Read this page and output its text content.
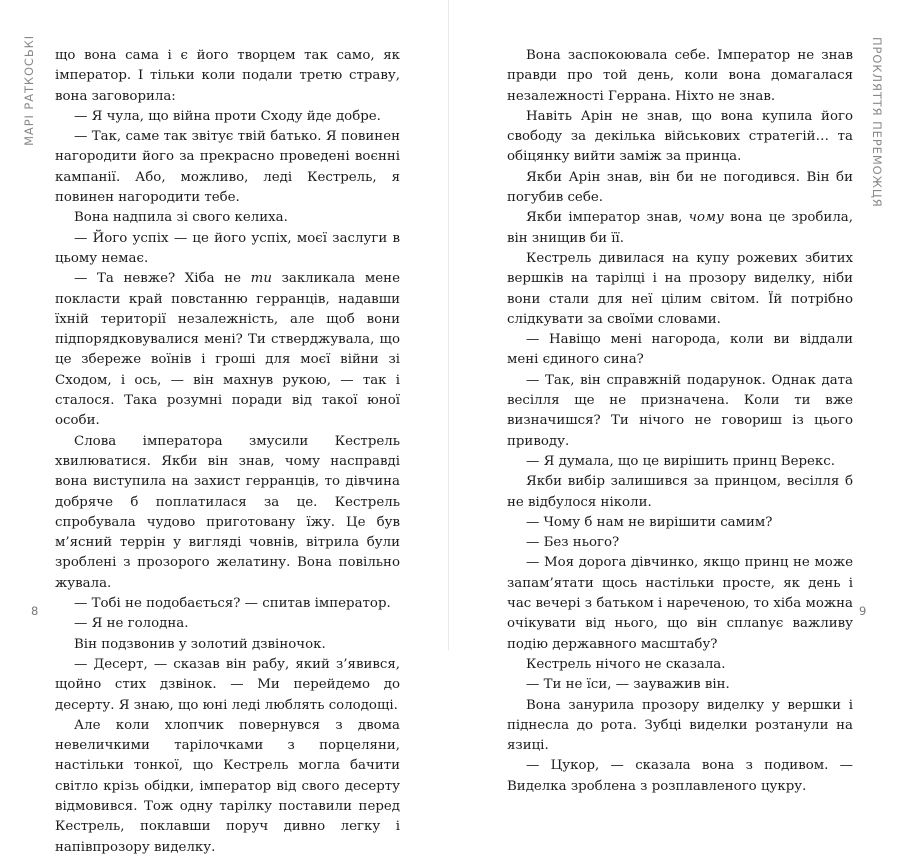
МАРІ РАТКОСЬКІ що вона сама і є його творцем так само, як імператор. І тільки коли подали третю страву, вона заговорила:

— Я чула, що війна проти Сходу йде добре.

— Так, саме так звітує твій батько. Я повинен нагородити його за прекрасно проведені воєнні кампанії. Або, можливо, леді Кестрель, я повинен нагородити тебе.

Вона надпила зі свого келиха.

— Його успіх — це його успіх, моєї заслуги в цьому немає.

— Та невже? Хіба не ти закликала мене покласти край повстанню герранців, надавши їхній території незалежність, але щоб вони підпорядковувалися мені? Ти стверджувала, що це збереже воїнів і гроші для моєї війни зі Сходом, і ось, — він махнув рукою, — так і сталося. Така розумні поради від такої юної особи.

Слова імператора змусили Кестрель хвилюватися. Якби він знав, чому насправді вона виступила на захист герранців, то дівчина добряче б поплатилася за це. Кестрель спробувала чудово приготовану їжу. Це був м’ясний террін у вигляді човнів, вітрила були зроблені з прозорого желатину. Вона повільно жувала.

— Тобі не подобається? — спитав імператор.

— Я не голодна.

Він подзвонив у золотий дзвіночок.

— Десерт, — сказав він рабу, який з’явився, щойно стих дзвінок. — Ми перейдемо до десерту. Я знаю, що юні леді люблять солодощі.

Але коли хлопчик повернувся з двома невеличкими тарілочками з порцеляни, настільки тонкої, що Кестрель могла бачити світло крізь обідки, імператор від свого десерту відмовився. Тож одну тарілку поставили перед Кестрель, поклавши поруч дивно легку і напівпрозору виделку.

8

Вона заспокоювала себе. Імператор не знав правди про той день, коли вона домагалася незалежності Геррана. Ніхто не знав.

Навіть Арін не знав, що вона купила його свободу за декілька військових стратегій… та обіцянку вийти заміж за принца.

Якби Арін знав, він би не погодився. Він би погубив себе.

Якби імператор знав, чому вона це зробила, він знищив би її.

Кестрель дивилася на купу рожевих збитих вершків на тарілці і на прозору виделку, ніби вони стали для неї цілим світом. Їй потрібно слідкувати за своїми словами.

— Навіщо мені нагорода, коли ви віддали мені єдиного сина?

— Так, він справжній подарунок. Однак дата весілля ще не призначена. Коли ти вже визначишся? Ти нічого не говориш із цього приводу.

— Я думала, що це вирішить принц Верекс.

Якби вибір залишився за принцом, весілля б не відбулося ніколи.

— Чому б нам не вирішити самим?

— Без нього?

— Моя дорога дівчинко, якщо принц не може запам’ятати щось настільки просте, як день і час вечері з батьком і нареченою, то хіба можна очікувати від нього, що він сплanує важливу подію державного масштабу?

Кестрель нічого не сказала.

— Ти не їси, — зауважив він.

Вона занурила прозору виделку у вершки і піднесла до рота. Зубці виделки розтанули на язиці.

— Цукор, — сказала вона з подивом. — Виделка зроблена з розплавленого цукру.

ПРОКЛЯТТЯ ПЕРЕМОЖЦЯ
9
